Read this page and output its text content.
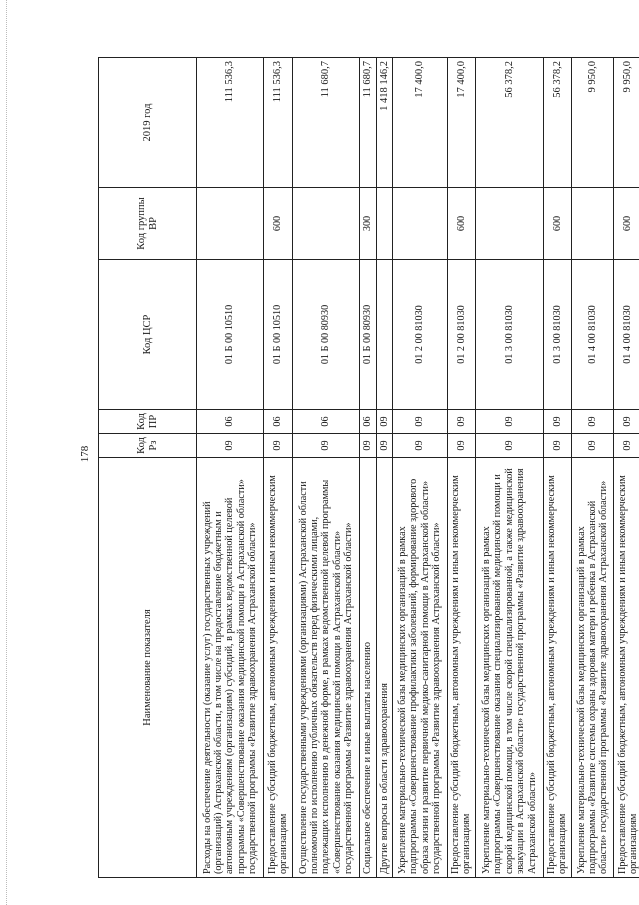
178
Наименование показателя	Код Рз	Код ПР	Код ЦСР	Код группы ВР	2019 год
Расходы на обеспечение деятельности (оказание услуг) государственных учреждений (организаций) Астраханской области, в том числе на предоставление бюджетным и автономным учреждениям (организациям) субсидий, в рамках ведомственной целевой программы «Совершенствование оказания медицинской помощи в Астраханской области» государственной программы «Развитие здравоохранения Астраханской области»	09	06	01 Б 00 10510		111 536,3
Предоставление субсидий бюджетным, автономным учреждениям и иным некоммерческим организациям	09	06	01 Б 00 10510	600	111 536,3
Осуществление государственными учреждениями (организациями) Астраханской области полномочий по исполнению публичных обязательств перед физическими лицами, подлежащих исполнению в денежной форме, в рамках ведомственной целевой программы «Совершенствование оказания медицинской помощи в Астраханской области» государственной программы «Развитие здравоохранения Астраханской области»	09	06	01 Б 00 80930		11 680,7
Социальное обеспечение и иные выплаты населению	09	06	01 Б 00 80930	300	11 680,7
Другие вопросы в области здравоохранения	09	09			1 418 146,2
Укрепление материально-технической базы медицинских организаций в рамках подпрограммы «Совершенствование профилактики заболеваний, формирование здорового образа жизни и развитие первичной медико-санитарной помощи в Астраханской области» государственной программы «Развитие здравоохранения Астраханской области»	09	09	01 2 00 81030		17 400,0
Предоставление субсидий бюджетным, автономным учреждениям и иным некоммерческим организациям	09	09	01 2 00 81030	600	17 400,0
Укрепление материально-технической базы медицинских организаций в рамках подпрограммы «Совершенствование оказания специализированной медицинской помощи и скорой медицинской помощи, в том числе скорой специализированной, а также медицинской эвакуации в Астраханской области» государственной программы «Развитие здравоохранения Астраханской области»	09	09	01 3 00 81030		56 378,2
Предоставление субсидий бюджетным, автономным учреждениям и иным некоммерческим организациям	09	09	01 3 00 81030	600	56 378,2
Укрепление материально-технической базы медицинских организаций в рамках подпрограммы «Развитие системы охраны здоровья матери и ребенка в Астраханской области» государственной программы «Развитие здравоохранения Астраханской области»	09	09	01 4 00 81030		9 950,0
Предоставление субсидий бюджетным, автономным учреждениям и иным некоммерческим организациям	09	09	01 4 00 81030	600	9 950,0
